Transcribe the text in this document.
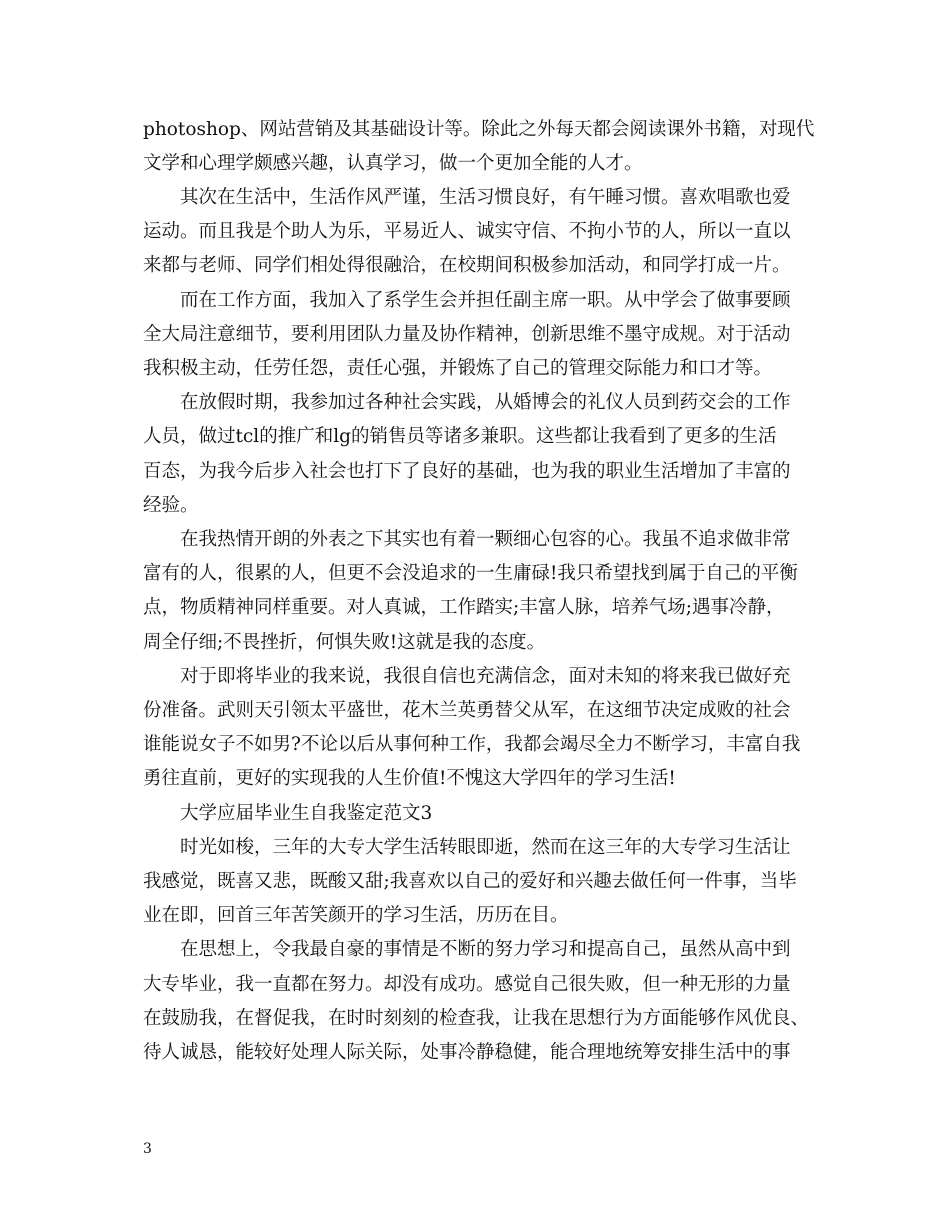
photoshop、网站营销及其基础设计等。除此之外每天都会阅读课外书籍，对现代
文学和心理学颇感兴趣，认真学习，做一个更加全能的人才。
　　其次在生活中，生活作风严谨，生活习惯良好，有午睡习惯。喜欢唱歌也爱
运动。而且我是个助人为乐，平易近人、诚实守信、不拘小节的人，所以一直以
来都与老师、同学们相处得很融洽，在校期间积极参加活动，和同学打成一片。
　　而在工作方面，我加入了系学生会并担任副主席一职。从中学会了做事要顾
全大局注意细节，要利用团队力量及协作精神，创新思维不墨守成规。对于活动
我积极主动，任劳任怨，责任心强，并锻炼了自己的管理交际能力和口才等。
　　在放假时期，我参加过各种社会实践，从婚博会的礼仪人员到药交会的工作
人员，做过tcl的推广和lg的销售员等诸多兼职。这些都让我看到了更多的生活
百态，为我今后步入社会也打下了良好的基础，也为我的职业生活增加了丰富的
经验。
　　在我热情开朗的外表之下其实也有着一颗细心包容的心。我虽不追求做非常
富有的人，很累的人，但更不会没追求的一生庸碌!我只希望找到属于自己的平衡
点，物质精神同样重要。对人真诚，工作踏实;丰富人脉，培养气场;遇事冷静，
周全仔细;不畏挫折，何惧失败!这就是我的态度。
　　对于即将毕业的我来说，我很自信也充满信念，面对未知的将来我已做好充
份准备。武则天引领太平盛世，花木兰英勇替父从军，在这细节决定成败的社会
谁能说女子不如男?不论以后从事何种工作，我都会竭尽全力不断学习，丰富自我
勇往直前，更好的实现我的人生价值!不愧这大学四年的学习生活!
　　大学应届毕业生自我鉴定范文3
　　时光如梭，三年的大专大学生活转眼即逝，然而在这三年的大专学习生活让
我感觉，既喜又悲，既酸又甜;我喜欢以自己的爱好和兴趣去做任何一件事，当毕
业在即，回首三年苦笑颜开的学习生活，历历在目。
　　在思想上，令我最自豪的事情是不断的努力学习和提高自己，虽然从高中到
大专毕业，我一直都在努力。却没有成功。感觉自己很失败，但一种无形的力量
在鼓励我，在督促我，在时时刻刻的检查我，让我在思想行为方面能够作风优良、
待人诚恳，能较好处理人际关际，处事冷静稳健，能合理地统筹安排生活中的事
3
